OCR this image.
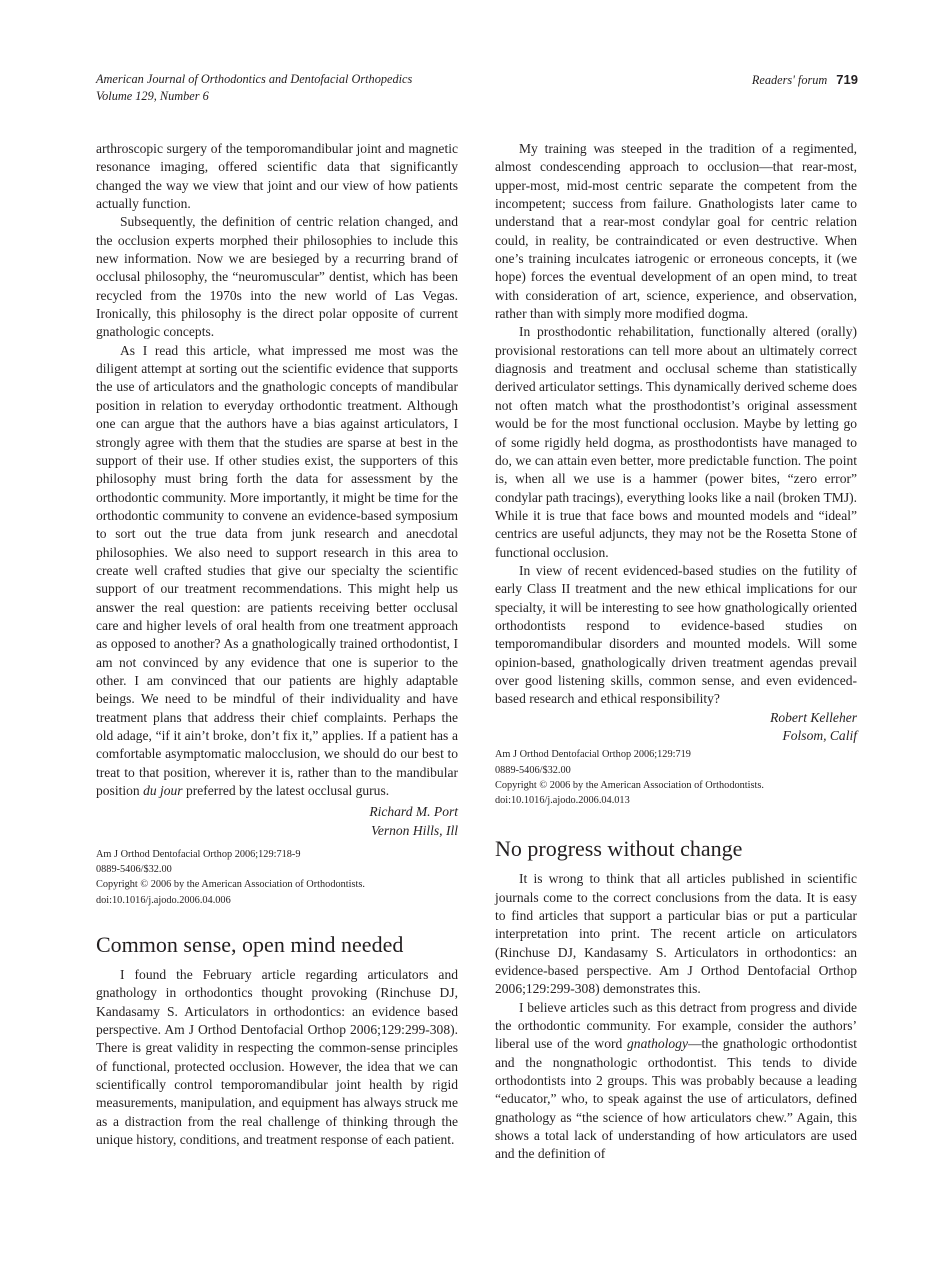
American Journal of Orthodontics and Dentofacial Orthopedics
Volume 129, Number 6
Readers' forum 719

arthroscopic surgery of the temporomandibular joint and magnetic resonance imaging, offered scientific data that significantly changed the way we view that joint and our view of how patients actually function.

Subsequently, the definition of centric relation changed, and the occlusion experts morphed their philosophies to include this new information. Now we are besieged by a recurring brand of occlusal philosophy, the “neuromuscular” dentist, which has been recycled from the 1970s into the new world of Las Vegas. Ironically, this philosophy is the direct polar opposite of current gnathologic concepts.

As I read this article, what impressed me most was the diligent attempt at sorting out the scientific evidence that supports the use of articulators and the gnathologic concepts of mandibular position in relation to everyday orthodontic treatment. Although one can argue that the authors have a bias against articulators, I strongly agree with them that the studies are sparse at best in the support of their use. If other studies exist, the supporters of this philosophy must bring forth the data for assessment by the orthodontic community. More importantly, it might be time for the orthodontic community to convene an evidence-based symposium to sort out the true data from junk research and anecdotal philosophies. We also need to support research in this area to create well crafted studies that give our specialty the scientific support of our treatment recommendations. This might help us answer the real question: are patients receiving better occlusal care and higher levels of oral health from one treatment approach as opposed to another? As a gnathologically trained orthodontist, I am not convinced by any evidence that one is superior to the other. I am convinced that our patients are highly adaptable beings. We need to be mindful of their individuality and have treatment plans that address their chief complaints. Perhaps the old adage, “if it ain’t broke, don’t fix it,” applies. If a patient has a comfortable asymptomatic malocclusion, we should do our best to treat to that position, wherever it is, rather than to the mandibular position du jour preferred by the latest occlusal gurus.

Richard M. Port
Vernon Hills, Ill
Am J Orthod Dentofacial Orthop 2006;129:718-9
0889-5406/$32.00
Copyright © 2006 by the American Association of Orthodontists.
doi:10.1016/j.ajodo.2006.04.006
Common sense, open mind needed

I found the February article regarding articulators and gnathology in orthodontics thought provoking (Rinchuse DJ, Kandasamy S. Articulators in orthodontics: an evidence based perspective. Am J Orthod Dentofacial Orthop 2006;129:299-308). There is great validity in respecting the common-sense principles of functional, protected occlusion. However, the idea that we can scientifically control temporomandibular joint health by rigid measurements, manipulation, and equipment has always struck me as a distraction from the real challenge of thinking through the unique history, conditions, and treatment response of each patient.

My training was steeped in the tradition of a regimented, almost condescending approach to occlusion—that rear-most, upper-most, mid-most centric separate the competent from the incompetent; success from failure. Gnathologists later came to understand that a rear-most condylar goal for centric relation could, in reality, be contraindicated or even destructive. When one’s training inculcates iatrogenic or erroneous concepts, it (we hope) forces the eventual development of an open mind, to treat with consideration of art, science, experience, and observation, rather than with simply more modified dogma.

In prosthodontic rehabilitation, functionally altered (orally) provisional restorations can tell more about an ultimately correct diagnosis and treatment and occlusal scheme than statistically derived articulator settings. This dynamically derived scheme does not often match what the prosthodontist’s original assessment would be for the most functional occlusion. Maybe by letting go of some rigidly held dogma, as prosthodontists have managed to do, we can attain even better, more predictable function. The point is, when all we use is a hammer (power bites, “zero error” condylar path tracings), everything looks like a nail (broken TMJ). While it is true that face bows and mounted models and “ideal” centrics are useful adjuncts, they may not be the Rosetta Stone of functional occlusion.

In view of recent evidenced-based studies on the futility of early Class II treatment and the new ethical implications for our specialty, it will be interesting to see how gnathologically oriented orthodontists respond to evidence-based studies on temporomandibular disorders and mounted models. Will some opinion-based, gnathologically driven treatment agendas prevail over good listening skills, common sense, and even evidenced-based research and ethical responsibility?

Robert Kelleher
Folsom, Calif
Am J Orthod Dentofacial Orthop 2006;129:719
0889-5406/$32.00
Copyright © 2006 by the American Association of Orthodontists.
doi:10.1016/j.ajodo.2006.04.013
No progress without change

It is wrong to think that all articles published in scientific journals come to the correct conclusions from the data. It is easy to find articles that support a particular bias or put a particular interpretation into print. The recent article on articulators (Rinchuse DJ, Kandasamy S. Articulators in orthodontics: an evidence-based perspective. Am J Orthod Dentofacial Orthop 2006;129:299-308) demonstrates this.

I believe articles such as this detract from progress and divide the orthodontic community. For example, consider the authors’ liberal use of the word gnathology—the gnathologic orthodontist and the nongnathologic orthodontist. This tends to divide orthodontists into 2 groups. This was probably because a leading “educator,” who, to speak against the use of articulators, defined gnathology as “the science of how articulators chew.” Again, this shows a total lack of understanding of how articulators are used and the definition of
